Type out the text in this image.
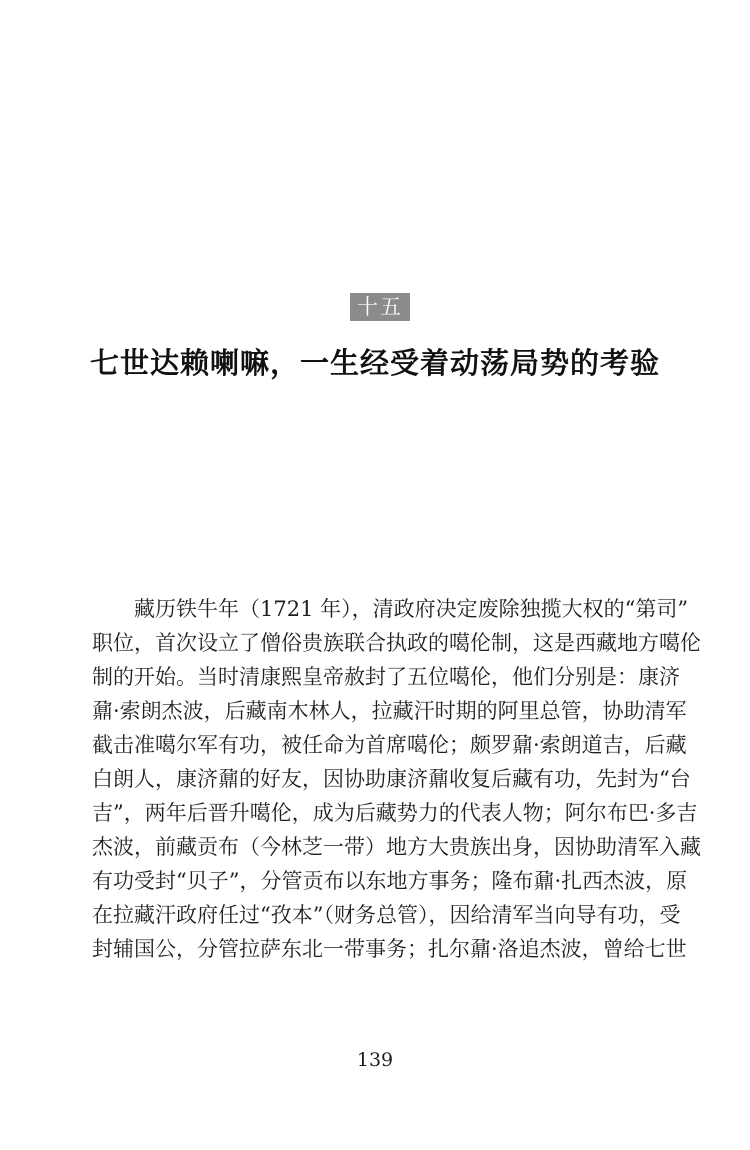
十五
七世达赖喇嘛，一生经受着动荡局势的考验
藏历铁牛年（1721 年），清政府决定废除独揽大权的“第司”
职位，首次设立了僧俗贵族联合执政的噶伦制，这是西藏地方噶伦
制的开始。当时清康熙皇帝赦封了五位噶伦，他们分别是：康济
鼐·索朗杰波，后藏南木林人，拉藏汗时期的阿里总管，协助清军
截击准噶尔军有功，被任命为首席噶伦；颇罗鼐·索朗道吉，后藏
白朗人，康济鼐的好友，因协助康济鼐收复后藏有功，先封为“台
吉”，两年后晋升噶伦，成为后藏势力的代表人物；阿尔布巴·多吉
杰波，前藏贡布（今林芝一带）地方大贵族出身，因协助清军入藏
有功受封“贝子”，分管贡布以东地方事务；隆布鼐·扎西杰波，原
在拉藏汗政府任过“孜本”（财务总管），因给清军当向导有功，受
封辅国公，分管拉萨东北一带事务；扎尔鼐·洛追杰波，曾给七世
139
